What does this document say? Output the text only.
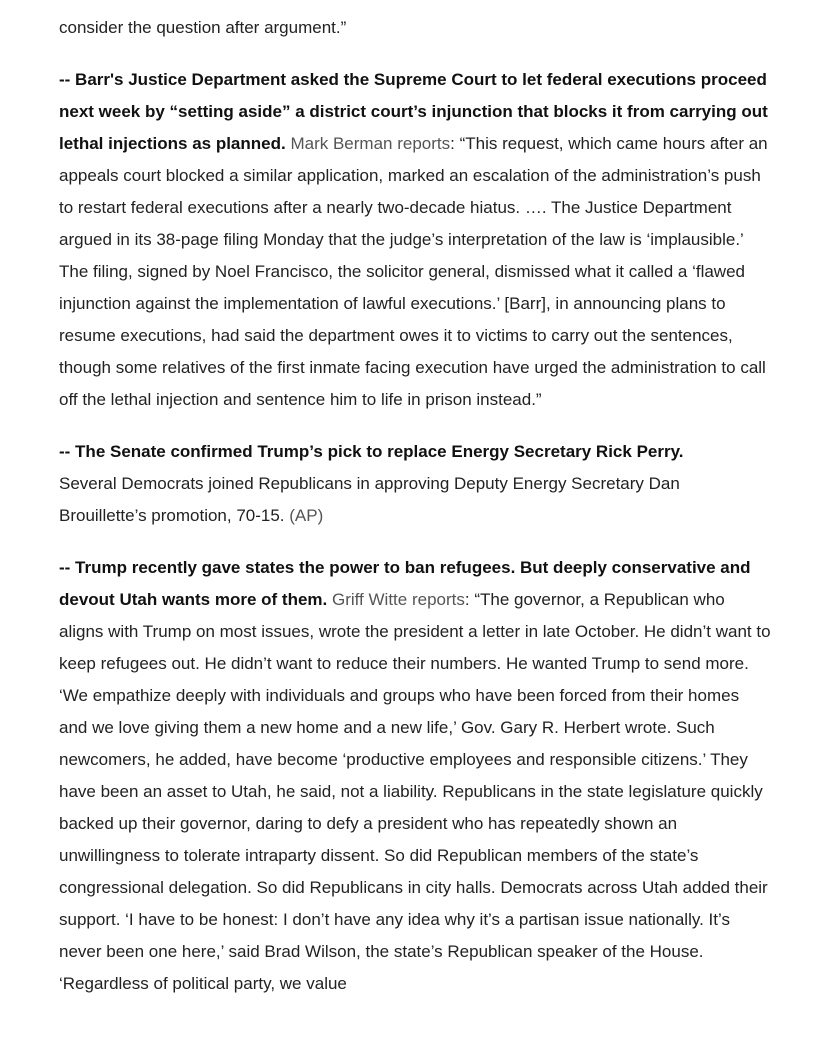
consider the question after argument.”

-- Barr's Justice Department asked the Supreme Court to let federal executions proceed next week by “setting aside” a district court’s injunction that blocks it from carrying out lethal injections as planned. Mark Berman reports: “This request, which came hours after an appeals court blocked a similar application, marked an escalation of the administration’s push to restart federal executions after a nearly two-decade hiatus. …. The Justice Department argued in its 38-page filing Monday that the judge’s interpretation of the law is ‘implausible.’ The filing, signed by Noel Francisco, the solicitor general, dismissed what it called a ‘flawed injunction against the implementation of lawful executions.’ [Barr], in announcing plans to resume executions, had said the department owes it to victims to carry out the sentences, though some relatives of the first inmate facing execution have urged the administration to call off the lethal injection and sentence him to life in prison instead.”

-- The Senate confirmed Trump’s pick to replace Energy Secretary Rick Perry.
Several Democrats joined Republicans in approving Deputy Energy Secretary Dan Brouillette’s promotion, 70-15. (AP)

-- Trump recently gave states the power to ban refugees. But deeply conservative and devout Utah wants more of them. Griff Witte reports: “The governor, a Republican who aligns with Trump on most issues, wrote the president a letter in late October. He didn’t want to keep refugees out. He didn’t want to reduce their numbers. He wanted Trump to send more. ‘We empathize deeply with individuals and groups who have been forced from their homes and we love giving them a new home and a new life,’ Gov. Gary R. Herbert wrote. Such newcomers, he added, have become ‘productive employees and responsible citizens.’ They have been an asset to Utah, he said, not a liability. Republicans in the state legislature quickly backed up their governor, daring to defy a president who has repeatedly shown an unwillingness to tolerate intraparty dissent. So did Republican members of the state’s congressional delegation. So did Republicans in city halls. Democrats across Utah added their support. ‘I have to be honest: I don’t have any idea why it’s a partisan issue nationally. It’s never been one here,’ said Brad Wilson, the state’s Republican speaker of the House. ‘Regardless of political party, we value
